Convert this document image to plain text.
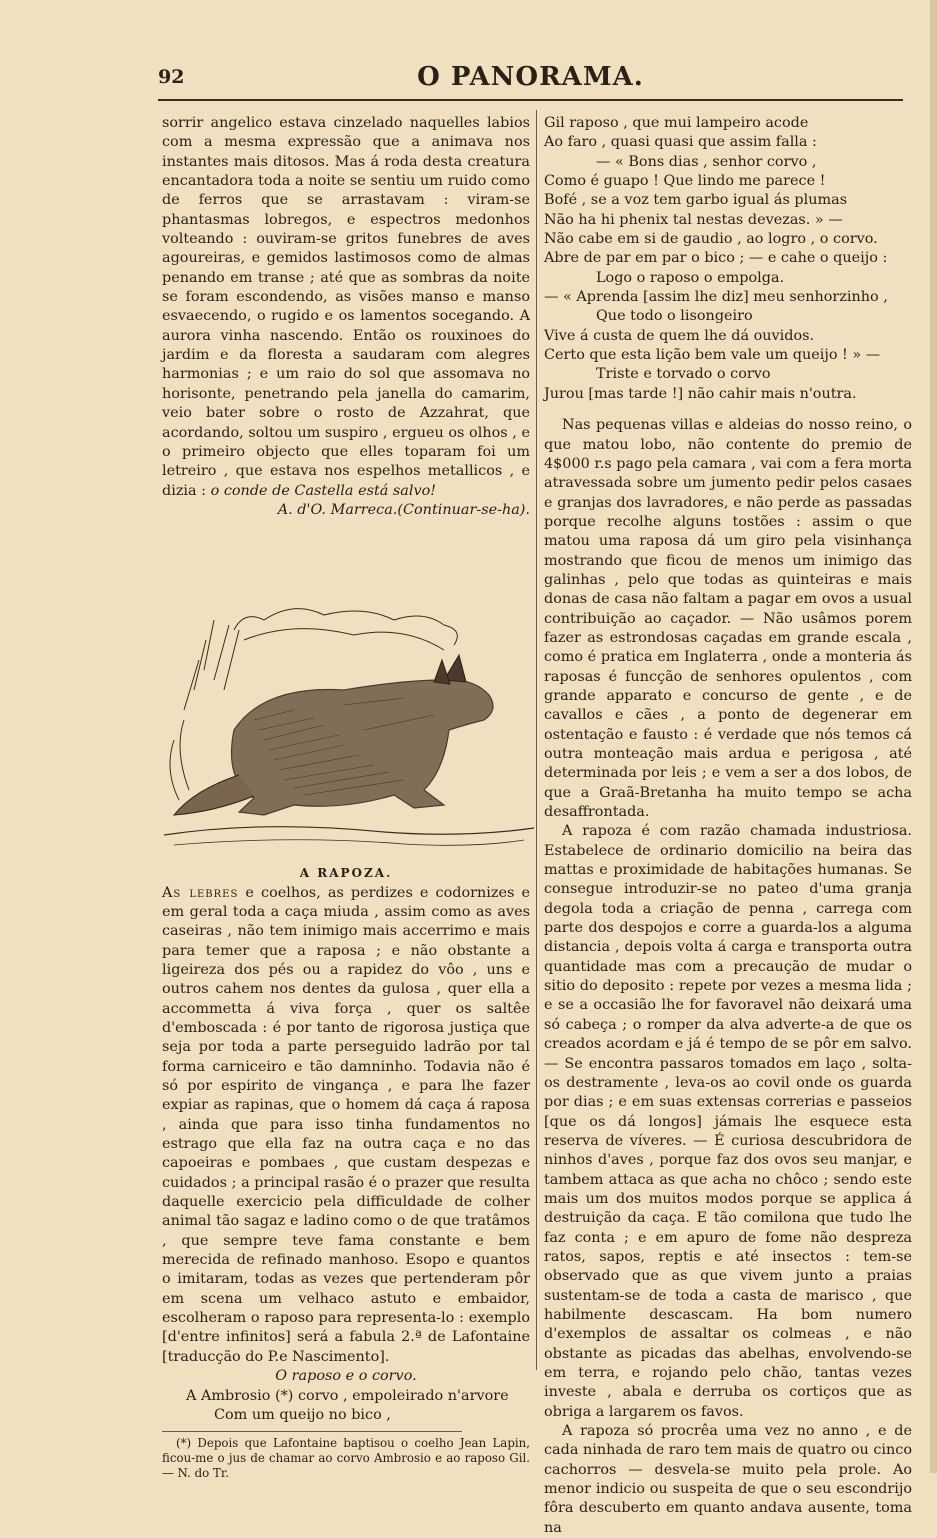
92	O PANORAMA.

sorrir angelico estava cinzelado naquelles labios com a mesma expressão que a animava nos instantes mais ditosos. Mas á roda desta creatura encantadora toda a noite se sentiu um ruido como de ferros que se arrastavam : viram-se phantasmas lobregos, e espectros medonhos volteando : ouviram-se gritos funebres de aves agoureiras, e gemidos lastimosos como de almas penando em transe ; até que as sombras da noite se foram escondendo, as visões manso e manso esvaecendo, o rugido e os lamentos socegando. A aurora vinha nascendo. Então os rouxinoes do jardim e da floresta a saudaram com alegres harmonias ; e um raio do sol que assomava no horisonte, penetrando pela janella do camarim, veio bater sobre o rosto de Azzahrat, que acordando, soltou um suspiro , ergueu os olhos , e o primeiro objecto que elles toparam foi um letreiro , que estava nos espelhos metallicos , e dizia : o conde de Castella está salvo!
(Continuar-se-ha).

A. d'O. Marreca.

A RAPOZA.

As lebres e coelhos, as perdizes e codornizes e em geral toda a caça miuda , assim como as aves caseiras , não tem inimigo mais accerrimo e mais para temer que a raposa ; e não obstante a ligeireza dos pés ou a rapidez do vôo , uns e outros cahem nos dentes da gulosa , quer ella a accommetta á viva força , quer os saltêe d'emboscada : é por tanto de rigorosa justiça que seja por toda a parte perseguido ladrão por tal forma carniceiro e tão damninho. Todavia não é só por espirito de vingança , e para lhe fazer expiar as rapinas, que o homem dá caça á raposa , ainda que para isso tinha fundamentos no estrago que ella faz na outra caça e no das capoeiras e pombaes , que custam despezas e cuidados ; a principal rasão é o prazer que resulta daquelle exercicio pela difficuldade de colher animal tão sagaz e ladino como o de que tratâmos , que sempre teve fama constante e bem merecida de refinado manhoso. Esopo e quantos o imitaram, todas as vezes que pertenderam pôr em scena um velhaco astuto e embaidor, escolheram o raposo para representa-lo : exemplo [d'entre infinitos] será a fabula 2.ª de Lafontaine [traducção do P.e Nascimento].

O raposo e o corvo.

A Ambrosio (*) corvo , empoleirado n'arvore

Com um queijo no bico ,

(*) Depois que Lafontaine baptisou o coelho Jean Lapin, ficou-me o jus de chamar ao corvo Ambrosio e ao raposo Gil. — N. do Tr.

Gil raposo , que mui lampeiro acode

Ao faro , quasi quasi que assim falla :

— « Bons dias , senhor corvo ,

Como é guapo ! Que lindo me parece !

Bofé , se a voz tem garbo igual ás plumas

Não ha hi phenix tal nestas devezas. » —

Não cabe em si de gaudio , ao logro , o corvo.

Abre de par em par o bico ; — e cahe o queijo :

Logo o raposo o empolga.

— « Aprenda [assim lhe diz] meu senhorzinho ,

Que todo o lisongeiro

Vive á custa de quem lhe dá ouvidos.

Certo que esta lição bem vale um queijo ! » —

Triste e torvado o corvo

Jurou [mas tarde !] não cahir mais n'outra.

Nas pequenas villas e aldeias do nosso reino, o que matou lobo, não contente do premio de 4$000 r.s pago pela camara , vai com a fera morta atravessada sobre um jumento pedir pelos casaes e granjas dos lavradores, e não perde as passadas porque recolhe alguns tostões : assim o que matou uma raposa dá um giro pela visinhança mostrando que ficou de menos um inimigo das galinhas , pelo que todas as quinteiras e mais donas de casa não faltam a pagar em ovos a usual contribuição ao caçador. — Não usâmos porem fazer as estrondosas caçadas em grande escala , como é pratica em Inglaterra , onde a monteria ás raposas é funcção de senhores opulentos , com grande apparato e concurso de gente , e de cavallos e cães , a ponto de degenerar em ostentação e fausto : é verdade que nós temos cá outra monteação mais ardua e perigosa , até determinada por leis ; e vem a ser a dos lobos, de que a Graã-Bretanha ha muito tempo se acha desaffrontada.

A rapoza é com razão chamada industriosa. Estabelece de ordinario domicilio na beira das mattas e proximidade de habitações humanas. Se consegue introduzir-se no pateo d'uma granja degola toda a criação de penna , carrega com parte dos despojos e corre a guarda-los a alguma distancia , depois volta á carga e transporta outra quantidade mas com a precaução de mudar o sitio do deposito : repete por vezes a mesma lida ; e se a occasião lhe for favoravel não deixará uma só cabeça ; o romper da alva adverte-a de que os creados acordam e já é tempo de se pôr em salvo. — Se encontra passaros tomados em laço , solta-os destramente , leva-os ao covil onde os guarda por dias ; e em suas extensas correrias e passeios [que os dá longos] jámais lhe esquece esta reserva de víveres. — É curiosa descubridora de ninhos d'aves , porque faz dos ovos seu manjar, e tambem attaca as que acha no chôco ; sendo este mais um dos muitos modos porque se applica á destruição da caça. E tão comilona que tudo lhe faz conta ; e em apuro de fome não despreza ratos, sapos, reptis e até insectos : tem-se observado que as que vivem junto a praias sustentam-se de toda a casta de marisco , que habilmente descascam. Ha bom numero d'exemplos de assaltar os colmeas , e não obstante as picadas das abelhas, envolvendo-se em terra, e rojando pelo chão, tantas vezes investe , abala e derruba os cortiços que as obriga a largarem os favos.

A rapoza só procrêa uma vez no anno , e de cada ninhada de raro tem mais de quatro ou cinco cachorros — desvela-se muito pela prole. Ao menor indicio ou suspeita de que o seu escondrijo fôra descuberto em quanto andava ausente, toma na
